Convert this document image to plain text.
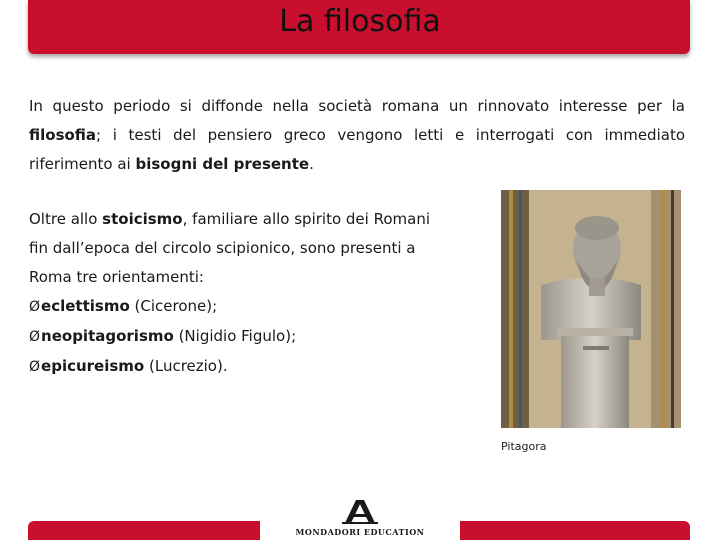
La filosofia
In questo periodo si diffonde nella società romana un rinnovato interesse per la
filosofia; i testi del pensiero greco vengono letti e interrogati con immediato
riferimento ai bisogni del presente.
Oltre allo stoicismo, familiare allo spirito dei Romani
fin dall’epoca del circolo scipionico, sono presenti a
Roma tre orientamenti:
Øeclettismo (Cicerone);
Øneopitagorismo (Nigidio Figulo);
Øepicureismo (Lucrezio).
Pitagora
MONDADORI EDUCATION
